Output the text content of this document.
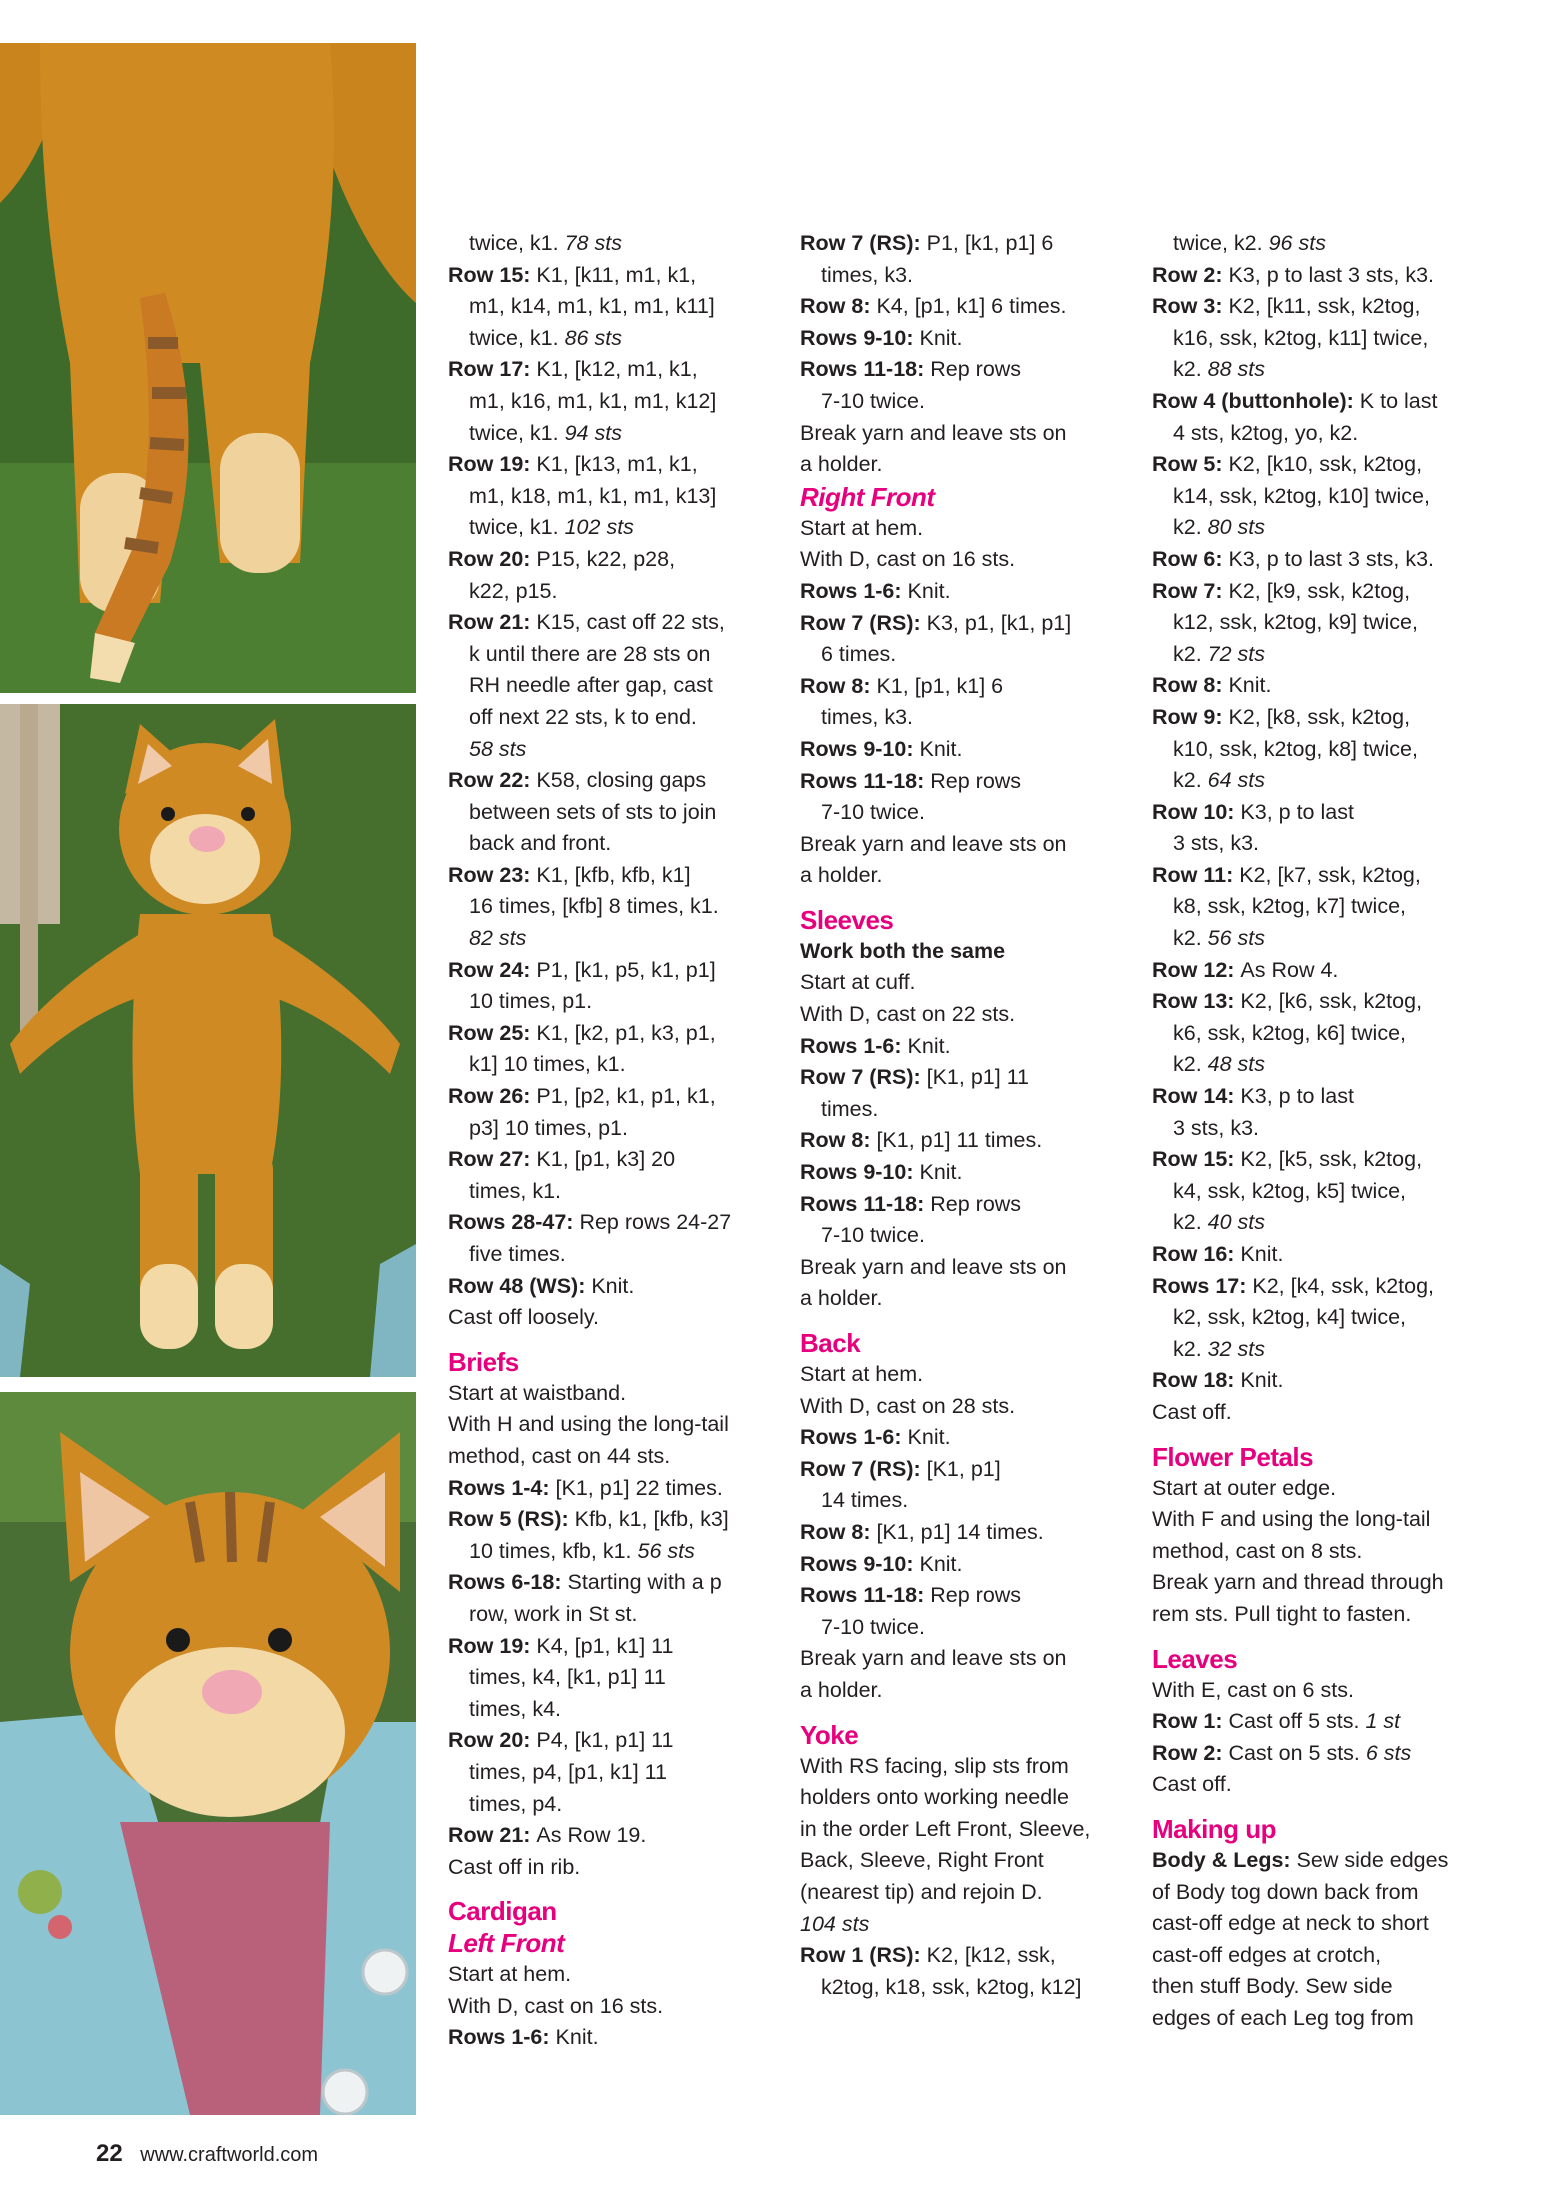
twice, k1. 78 sts
Row 15: K1, [k11, m1, k1,
m1, k14, m1, k1, m1, k11]
twice, k1. 86 sts
Row 17: K1, [k12, m1, k1,
m1, k16, m1, k1, m1, k12]
twice, k1. 94 sts
Row 19: K1, [k13, m1, k1,
m1, k18, m1, k1, m1, k13]
twice, k1. 102 sts
Row 20: P15, k22, p28,
k22, p15.
Row 21: K15, cast off 22 sts,
k until there are 28 sts on
RH needle after gap, cast
off next 22 sts, k to end.
58 sts
Row 22: K58, closing gaps
between sets of sts to join
back and front.
Row 23: K1, [kfb, kfb, k1]
16 times, [kfb] 8 times, k1.
82 sts
Row 24: P1, [k1, p5, k1, p1]
10 times, p1.
Row 25: K1, [k2, p1, k3, p1,
k1] 10 times, k1.
Row 26: P1, [p2, k1, p1, k1,
p3] 10 times, p1.
Row 27: K1, [p1, k3] 20
times, k1.
Rows 28-47: Rep rows 24-27
five times.
Row 48 (WS): Knit.
Cast off loosely.
Briefs
Start at waistband.
With H and using the long-tail
method, cast on 44 sts.
Rows 1-4: [K1, p1] 22 times.
Row 5 (RS): Kfb, k1, [kfb, k3]
10 times, kfb, k1. 56 sts
Rows 6-18: Starting with a p
row, work in St st.
Row 19: K4, [p1, k1] 11
times, k4, [k1, p1] 11
times, k4.
Row 20: P4, [k1, p1] 11
times, p4, [p1, k1] 11
times, p4.
Row 21: As Row 19.
Cast off in rib.
Cardigan
Left Front
Start at hem.
With D, cast on 16 sts.
Rows 1-6: Knit.
Row 7 (RS): P1, [k1, p1] 6
times, k3.
Row 8: K4, [p1, k1] 6 times.
Rows 9-10: Knit.
Rows 11-18: Rep rows
7-10 twice.
Break yarn and leave sts on
a holder.
Right Front
Start at hem.
With D, cast on 16 sts.
Rows 1-6: Knit.
Row 7 (RS): K3, p1, [k1, p1]
6 times.
Row 8: K1, [p1, k1] 6
times, k3.
Rows 9-10: Knit.
Rows 11-18: Rep rows
7-10 twice.
Break yarn and leave sts on
a holder.
Sleeves
Work both the same
Start at cuff.
With D, cast on 22 sts.
Rows 1-6: Knit.
Row 7 (RS): [K1, p1] 11
times.
Row 8: [K1, p1] 11 times.
Rows 9-10: Knit.
Rows 11-18: Rep rows
7-10 twice.
Break yarn and leave sts on
a holder.
Back
Start at hem.
With D, cast on 28 sts.
Rows 1-6: Knit.
Row 7 (RS): [K1, p1]
14 times.
Row 8: [K1, p1] 14 times.
Rows 9-10: Knit.
Rows 11-18: Rep rows
7-10 twice.
Break yarn and leave sts on
a holder.
Yoke
With RS facing, slip sts from
holders onto working needle
in the order Left Front, Sleeve,
Back, Sleeve, Right Front
(nearest tip) and rejoin D.
104 sts
Row 1 (RS): K2, [k12, ssk,
k2tog, k18, ssk, k2tog, k12]
twice, k2. 96 sts
Row 2: K3, p to last 3 sts, k3.
Row 3: K2, [k11, ssk, k2tog,
k16, ssk, k2tog, k11] twice,
k2. 88 sts
Row 4 (buttonhole): K to last
4 sts, k2tog, yo, k2.
Row 5: K2, [k10, ssk, k2tog,
k14, ssk, k2tog, k10] twice,
k2. 80 sts
Row 6: K3, p to last 3 sts, k3.
Row 7: K2, [k9, ssk, k2tog,
k12, ssk, k2tog, k9] twice,
k2. 72 sts
Row 8: Knit.
Row 9: K2, [k8, ssk, k2tog,
k10, ssk, k2tog, k8] twice,
k2. 64 sts
Row 10: K3, p to last
3 sts, k3.
Row 11: K2, [k7, ssk, k2tog,
k8, ssk, k2tog, k7] twice,
k2. 56 sts
Row 12: As Row 4.
Row 13: K2, [k6, ssk, k2tog,
k6, ssk, k2tog, k6] twice,
k2. 48 sts
Row 14: K3, p to last
3 sts, k3.
Row 15: K2, [k5, ssk, k2tog,
k4, ssk, k2tog, k5] twice,
k2. 40 sts
Row 16: Knit.
Rows 17: K2, [k4, ssk, k2tog,
k2, ssk, k2tog, k4] twice,
k2. 32 sts
Row 18: Knit.
Cast off.
Flower Petals
Start at outer edge.
With F and using the long-tail
method, cast on 8 sts.
Break yarn and thread through
rem sts. Pull tight to fasten.
Leaves
With E, cast on 6 sts.
Row 1: Cast off 5 sts. 1 st
Row 2: Cast on 5 sts. 6 sts
Cast off.
Making up
Body & Legs: Sew side edges
of Body tog down back from
cast-off edge at neck to short
cast-off edges at crotch,
then stuff Body. Sew side
edges of each Leg tog from
22 www.craftworld.com
